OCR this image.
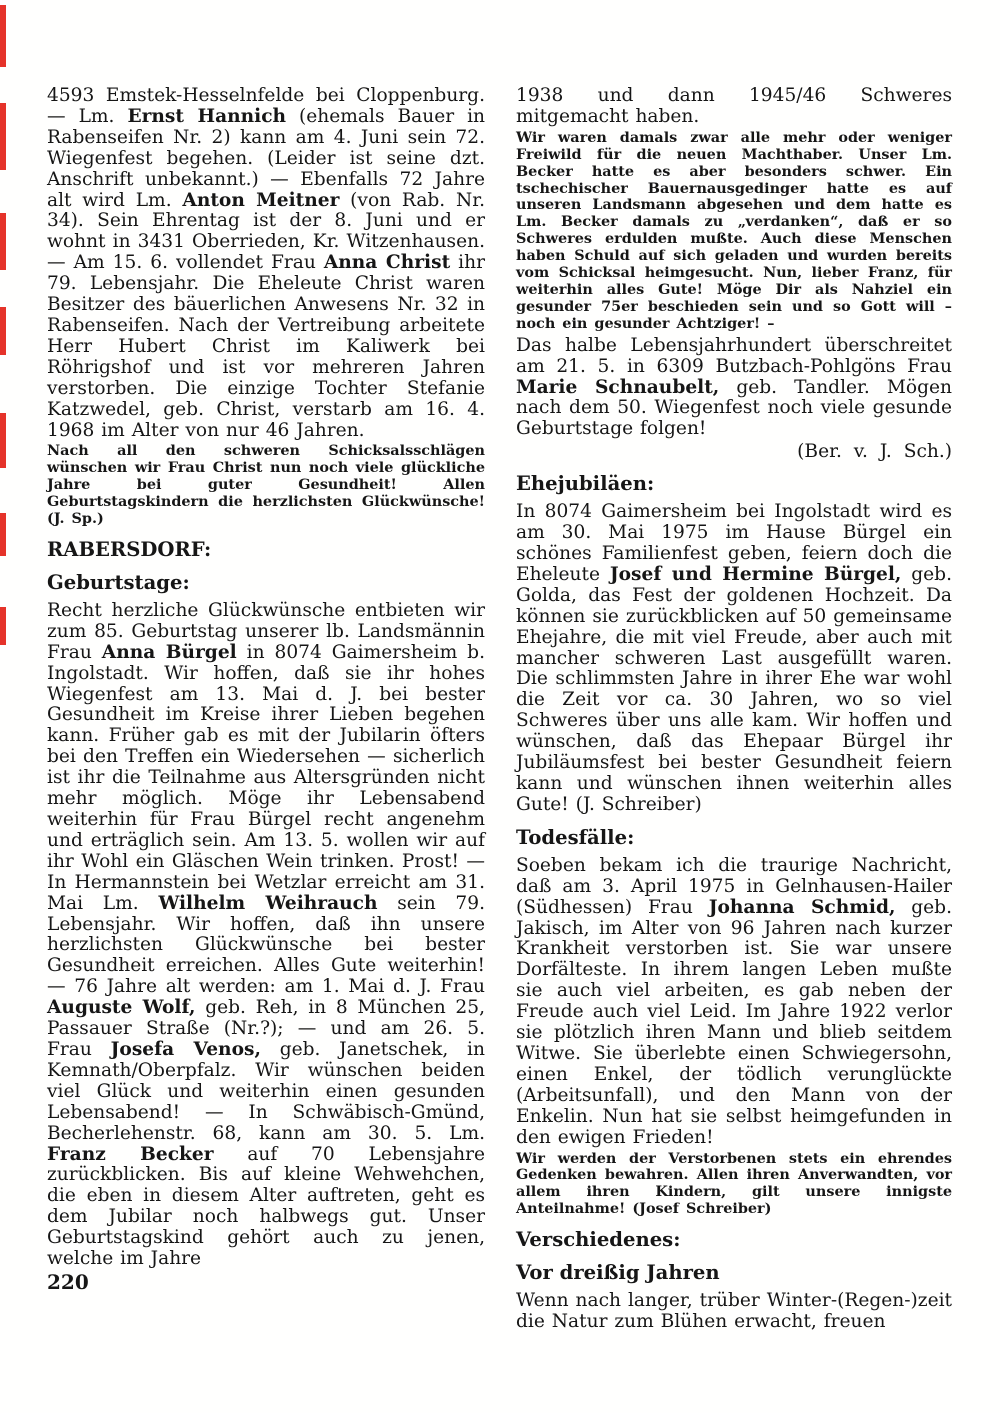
4593 Emstek-Hesselnfelde bei Cloppenburg. — Lm. Ernst Hannich (ehemals Bauer in Rabenseifen Nr. 2) kann am 4. Juni sein 72. Wiegenfest begehen. (Leider ist seine dzt. Anschrift unbekannt.) — Ebenfalls 72 Jahre alt wird Lm. Anton Meitner (von Rab. Nr. 34). Sein Ehrentag ist der 8. Juni und er wohnt in 3431 Oberrieden, Kr. Witzenhausen. — Am 15. 6. vollendet Frau Anna Christ ihr 79. Lebensjahr. Die Eheleute Christ waren Besitzer des bäuerlichen Anwesens Nr. 32 in Rabenseifen. Nach der Vertreibung arbeitete Herr Hubert Christ im Kaliwerk bei Röhrigshof und ist vor mehreren Jahren verstorben. Die einzige Tochter Stefanie Katzwedel, geb. Christ, verstarb am 16. 4. 1968 im Alter von nur 46 Jahren.

Nach all den schweren Schicksalsschlägen wünschen wir Frau Christ nun noch viele glückliche Jahre bei guter Gesundheit! Allen Geburtstagskindern die herzlichsten Glückwünsche! (J. Sp.)

RABERSDORF:
Geburtstage:

Recht herzliche Glückwünsche entbieten wir zum 85. Geburtstag unserer lb. Landsmännin Frau Anna Bürgel in 8074 Gaimersheim b. Ingolstadt. Wir hoffen, daß sie ihr hohes Wiegenfest am 13. Mai d. J. bei bester Gesundheit im Kreise ihrer Lieben begehen kann. Früher gab es mit der Jubilarin öfters bei den Treffen ein Wiedersehen — sicherlich ist ihr die Teilnahme aus Altersgründen nicht mehr möglich. Möge ihr Lebensabend weiterhin für Frau Bürgel recht angenehm und erträglich sein. Am 13. 5. wollen wir auf ihr Wohl ein Gläschen Wein trinken. Prost! — In Hermannstein bei Wetzlar erreicht am 31. Mai Lm. Wilhelm Weihrauch sein 79. Lebensjahr. Wir hoffen, daß ihn unsere herzlichsten Glückwünsche bei bester Gesundheit erreichen. Alles Gute weiterhin! — 76 Jahre alt werden: am 1. Mai d. J. Frau Auguste Wolf, geb. Reh, in 8 München 25, Passauer Straße (Nr.?); — und am 26. 5. Frau Josefa Venos, geb. Janetschek, in Kemnath/Oberpfalz. Wir wünschen beiden viel Glück und weiterhin einen gesunden Lebensabend! — In Schwäbisch-Gmünd, Becherlehenstr. 68, kann am 30. 5. Lm. Franz Becker auf 70 Lebensjahre zurückblicken. Bis auf kleine Wehwehchen, die eben in diesem Alter auftreten, geht es dem Jubilar noch halbwegs gut. Unser Geburtstagskind gehört auch zu jenen, welche im Jahre

1938 und dann 1945/46 Schweres mitgemacht haben.

Wir waren damals zwar alle mehr oder weniger Freiwild für die neuen Machthaber. Unser Lm. Becker hatte es aber besonders schwer. Ein tschechischer Bauernausgedinger hatte es auf unseren Landsmann abgesehen und dem hatte es Lm. Becker damals zu „verdanken“, daß er so Schweres erdulden mußte. Auch diese Menschen haben Schuld auf sich geladen und wurden bereits vom Schicksal heimgesucht. Nun, lieber Franz, für weiterhin alles Gute! Möge Dir als Nahziel ein gesunder 75er beschieden sein und so Gott will – noch ein gesunder Achtziger! –

Das halbe Lebensjahrhundert überschreitet am 21. 5. in 6309 Butzbach-Pohlgöns Frau Marie Schnaubelt, geb. Tandler. Mögen nach dem 50. Wiegenfest noch viele gesunde Geburtstage folgen!

(Ber. v. J. Sch.)

Ehejubiläen:

In 8074 Gaimersheim bei Ingolstadt wird es am 30. Mai 1975 im Hause Bürgel ein schönes Familienfest geben, feiern doch die Eheleute Josef und Hermine Bürgel, geb. Golda, das Fest der goldenen Hochzeit. Da können sie zurückblicken auf 50 gemeinsame Ehejahre, die mit viel Freude, aber auch mit mancher schweren Last ausgefüllt waren. Die schlimmsten Jahre in ihrer Ehe war wohl die Zeit vor ca. 30 Jahren, wo so viel Schweres über uns alle kam. Wir hoffen und wünschen, daß das Ehepaar Bürgel ihr Jubiläumsfest bei bester Gesundheit feiern kann und wünschen ihnen weiterhin alles Gute! (J. Schreiber)

Todesfälle:

Soeben bekam ich die traurige Nachricht, daß am 3. April 1975 in Gelnhausen-Hailer (Südhessen) Frau Johanna Schmid, geb. Jakisch, im Alter von 96 Jahren nach kurzer Krankheit verstorben ist. Sie war unsere Dorfälteste. In ihrem langen Leben mußte sie auch viel arbeiten, es gab neben der Freude auch viel Leid. Im Jahre 1922 verlor sie plötzlich ihren Mann und blieb seitdem Witwe. Sie überlebte einen Schwiegersohn, einen Enkel, der tödlich verunglückte (Arbeitsunfall), und den Mann von der Enkelin. Nun hat sie selbst heimgefunden in den ewigen Frieden!

Wir werden der Verstorbenen stets ein ehrendes Gedenken bewahren. Allen ihren Anverwandten, vor allem ihren Kindern, gilt unsere innigste Anteilnahme! (Josef Schreiber)

Verschiedenes:
Vor dreißig Jahren

Wenn nach langer, trüber Winter-(Regen-)zeit die Natur zum Blühen erwacht, freuen

220
